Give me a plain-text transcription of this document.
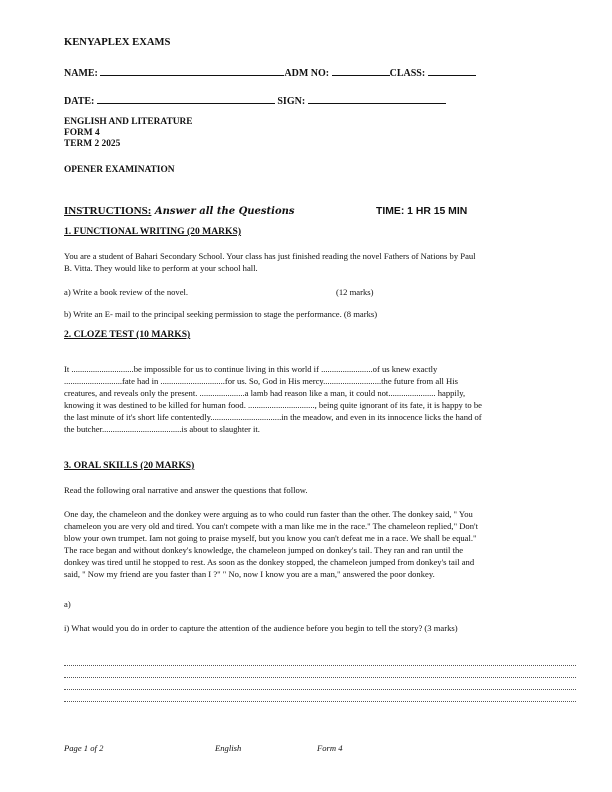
KENYAPLEX EXAMS
NAME:	ADM NO:	CLASS:
DATE:	SIGN:
ENGLISH AND LITERATURE
FORM 4
TERM 2 2025
OPENER EXAMINATION
INSTRUCTIONS: Answer all the Questions	TIME: 1 HR 15 MIN
1. FUNCTIONAL WRITING (20 MARKS)
You are a student of Bahari Secondary School. Your class has just finished reading the novel Fathers of Nations by Paul
B. Vitta. They would like to perform at your school hall.
a) Write a book review of the novel.	(12 marks)
b) Write an E- mail to the principal seeking permission to stage the performance. (8 marks)
2. CLOZE TEST (10 MARKS)
It .............................be impossible for us to continue living in this world if ........................of us knew exactly
...........................fate had in ..............................for us. So, God in His mercy...........................the future from all His
creatures, and reveals only the present. .....................a lamb had reason like a man, it could not...................... happily,
knowing it was destined to be killed for human food. ..............................., being quite ignorant of its fate, it is happy to be
the last minute of it's short life contentedly.................................in the meadow, and even in its innocence licks the hand of
the butcher.....................................is about to slaughter it.
3. ORAL SKILLS (20 MARKS)
Read the following oral narrative and answer the questions that follow.
One day, the chameleon and the donkey were arguing as to who could run faster than the other. The donkey said, " You
chameleon you are very old and tired. You can't compete with a man like me in the race." The chameleon replied," Don't
blow your own trumpet. Iam not going to praise myself, but you know you can't defeat me in a race. We shall be equal."
The race began and without donkey's knowledge, the chameleon jumped on donkey's tail. They ran and ran until the
donkey was tired until he stopped to rest. As soon as the donkey stopped, the chameleon jumped from donkey's tail and
said, " Now my friend are you faster than I ?" " No, now I know you are a man," answered the poor donkey.
a)
i) What would you do in order to capture the attention of the audience before you begin to tell the story? (3 marks)
Page 1 of 2	English	Form 4
